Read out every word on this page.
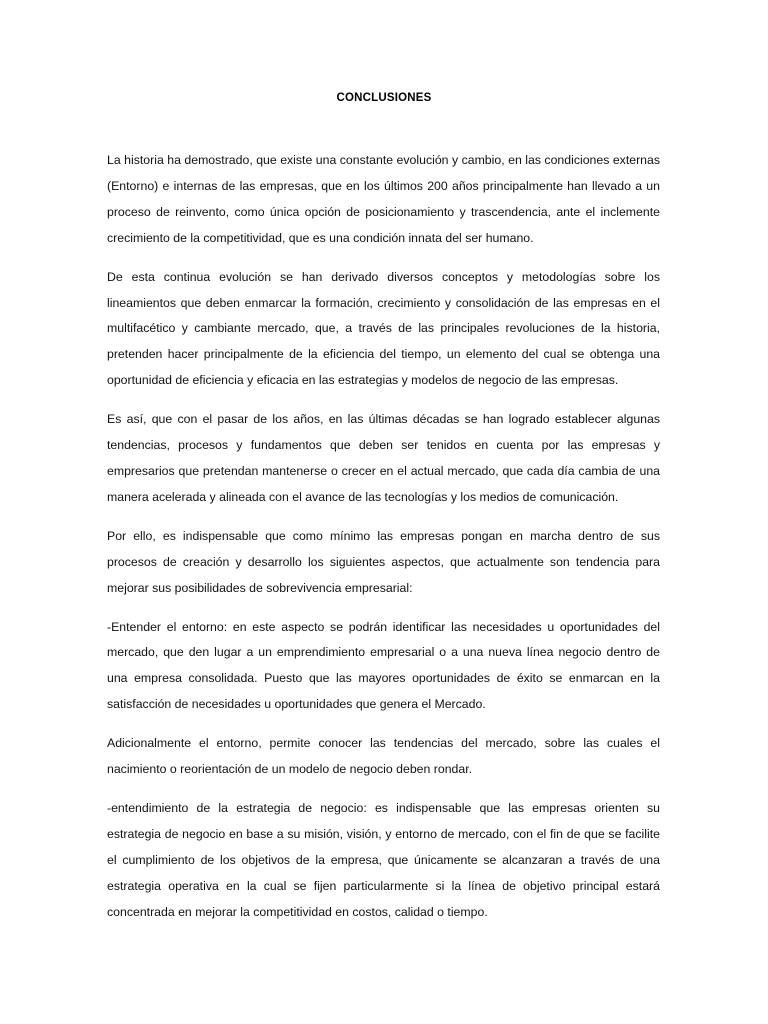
CONCLUSIONES

La historia ha demostrado, que existe una constante evolución y cambio, en las condiciones externas (Entorno) e internas de las empresas, que en los últimos 200 años principalmente han llevado a un proceso de reinvento, como única opción de posicionamiento y trascendencia, ante el inclemente crecimiento de la competitividad, que es una condición innata del ser humano.

De esta continua evolución se han derivado diversos conceptos y metodologías sobre los lineamientos que deben enmarcar la formación, crecimiento y consolidación de las empresas en el multifacético y cambiante mercado, que, a través de las principales revoluciones de la historia, pretenden hacer principalmente de la eficiencia del tiempo, un elemento del cual se obtenga una oportunidad de eficiencia y eficacia en las estrategias y modelos de negocio de las empresas.

Es así, que con el pasar de los años, en las últimas décadas se han logrado establecer algunas tendencias, procesos y fundamentos que deben ser tenidos en cuenta por las empresas y empresarios que pretendan mantenerse o crecer en el actual mercado, que cada día cambia de una manera acelerada y alineada con el avance de las tecnologías y los medios de comunicación.

Por ello, es indispensable que como mínimo las empresas pongan en marcha dentro de sus procesos de creación y desarrollo los siguientes aspectos, que actualmente son tendencia para mejorar sus posibilidades de sobrevivencia empresarial:

-Entender el entorno: en este aspecto se podrán identificar las necesidades u oportunidades del mercado, que den lugar a un emprendimiento empresarial o a una nueva línea negocio dentro de una empresa consolidada. Puesto que las mayores oportunidades de éxito se enmarcan en la satisfacción de necesidades u oportunidades que genera el Mercado.

Adicionalmente el entorno, permite conocer las tendencias del mercado, sobre las cuales el nacimiento o reorientación de un modelo de negocio deben rondar.

-entendimiento de la estrategia de negocio: es indispensable que las empresas orienten su estrategia de negocio en base a su misión, visión, y entorno de mercado, con el fin de que se facilite el cumplimiento de los objetivos de la empresa, que únicamente se alcanzaran a través de una estrategia operativa en la cual se fijen particularmente si la línea de objetivo principal estará concentrada en mejorar la competitividad en costos, calidad o tiempo.
